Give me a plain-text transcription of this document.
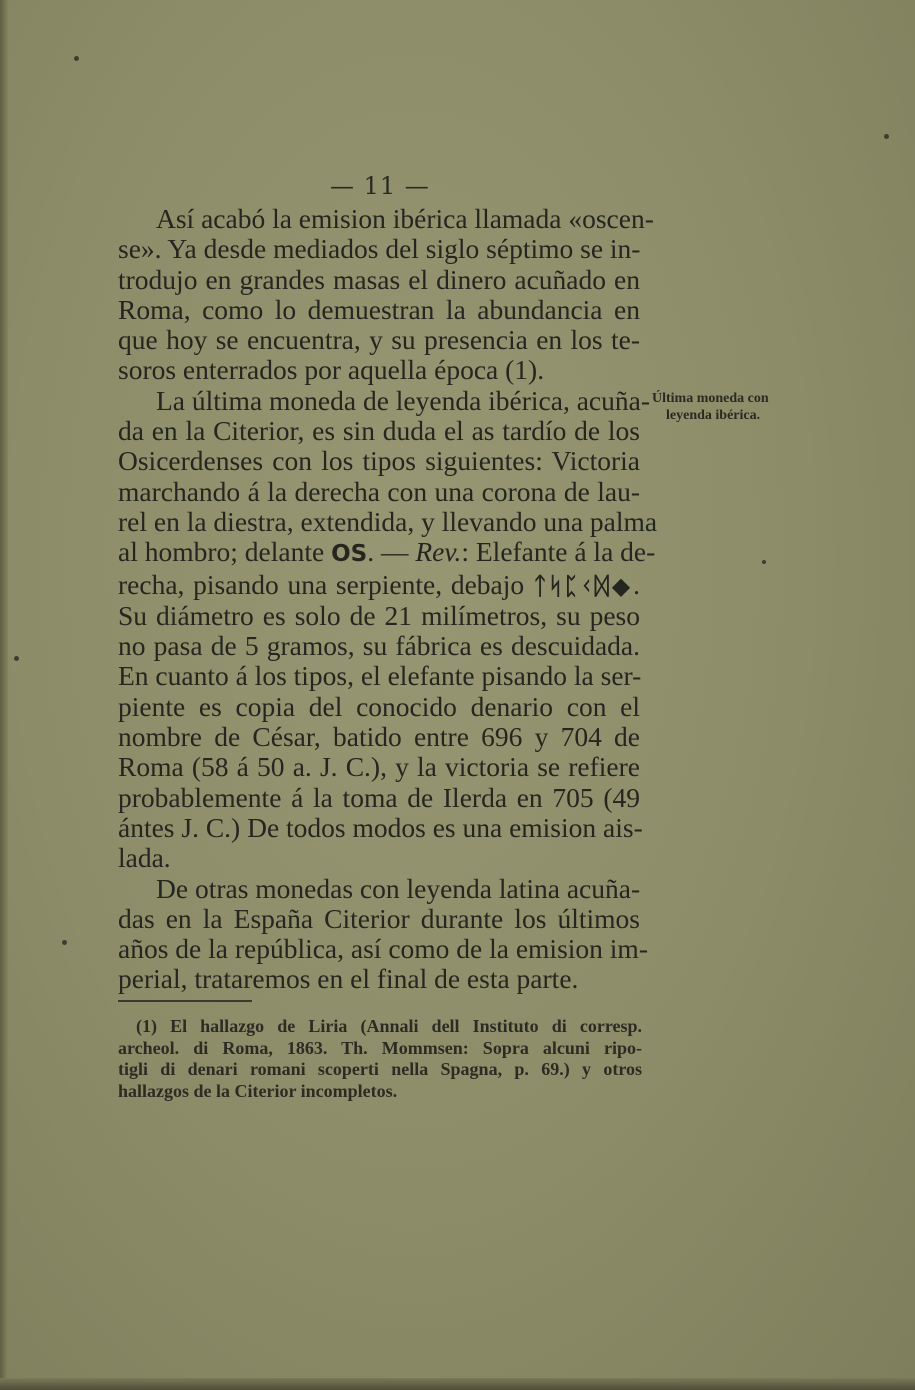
— 11 —
Así acabó la emision ibérica llamada «oscen-
se». Ya desde mediados del siglo séptimo se in-
trodujo en grandes masas el dinero acuñado en
Roma, como lo demuestran la abundancia en
que hoy se encuentra, y su presencia en los te-
soros enterrados por aquella época (1).
La última moneda de leyenda ibérica, acuña-
da en la Citerior, es sin duda el as tardío de los
Osicerdenses con los tipos siguientes: Victoria
marchando á la derecha con una corona de lau-
rel en la diestra, extendida, y llevando una palma
al hombro; delante OS. — Rev.: Elefante á la de-
recha, pisando una serpiente, debajo ᛏᛋᛈᚲᛞ◆.
Su diámetro es solo de 21 milímetros, su peso
no pasa de 5 gramos, su fábrica es descuidada.
En cuanto á los tipos, el elefante pisando la ser-
piente es copia del conocido denario con el
nombre de César, batido entre 696 y 704 de
Roma (58 á 50 a. J. C.), y la victoria se refiere
probablemente á la toma de Ilerda en 705 (49
ántes J. C.) De todos modos es una emision ais-
lada.
De otras monedas con leyenda latina acuña-
das en la España Citerior durante los últimos
años de la república, así como de la emision im-
perial, trataremos en el final de esta parte.
Última moneda con
leyenda ibérica.
(1) El hallazgo de Liria (Annali dell Instituto di corresp.
archeol. di Roma, 1863. Th. Mommsen: Sopra alcuni ripo-
tigli di denari romani scoperti nella Spagna, p. 69.) y otros
hallazgos de la Citerior incompletos.
